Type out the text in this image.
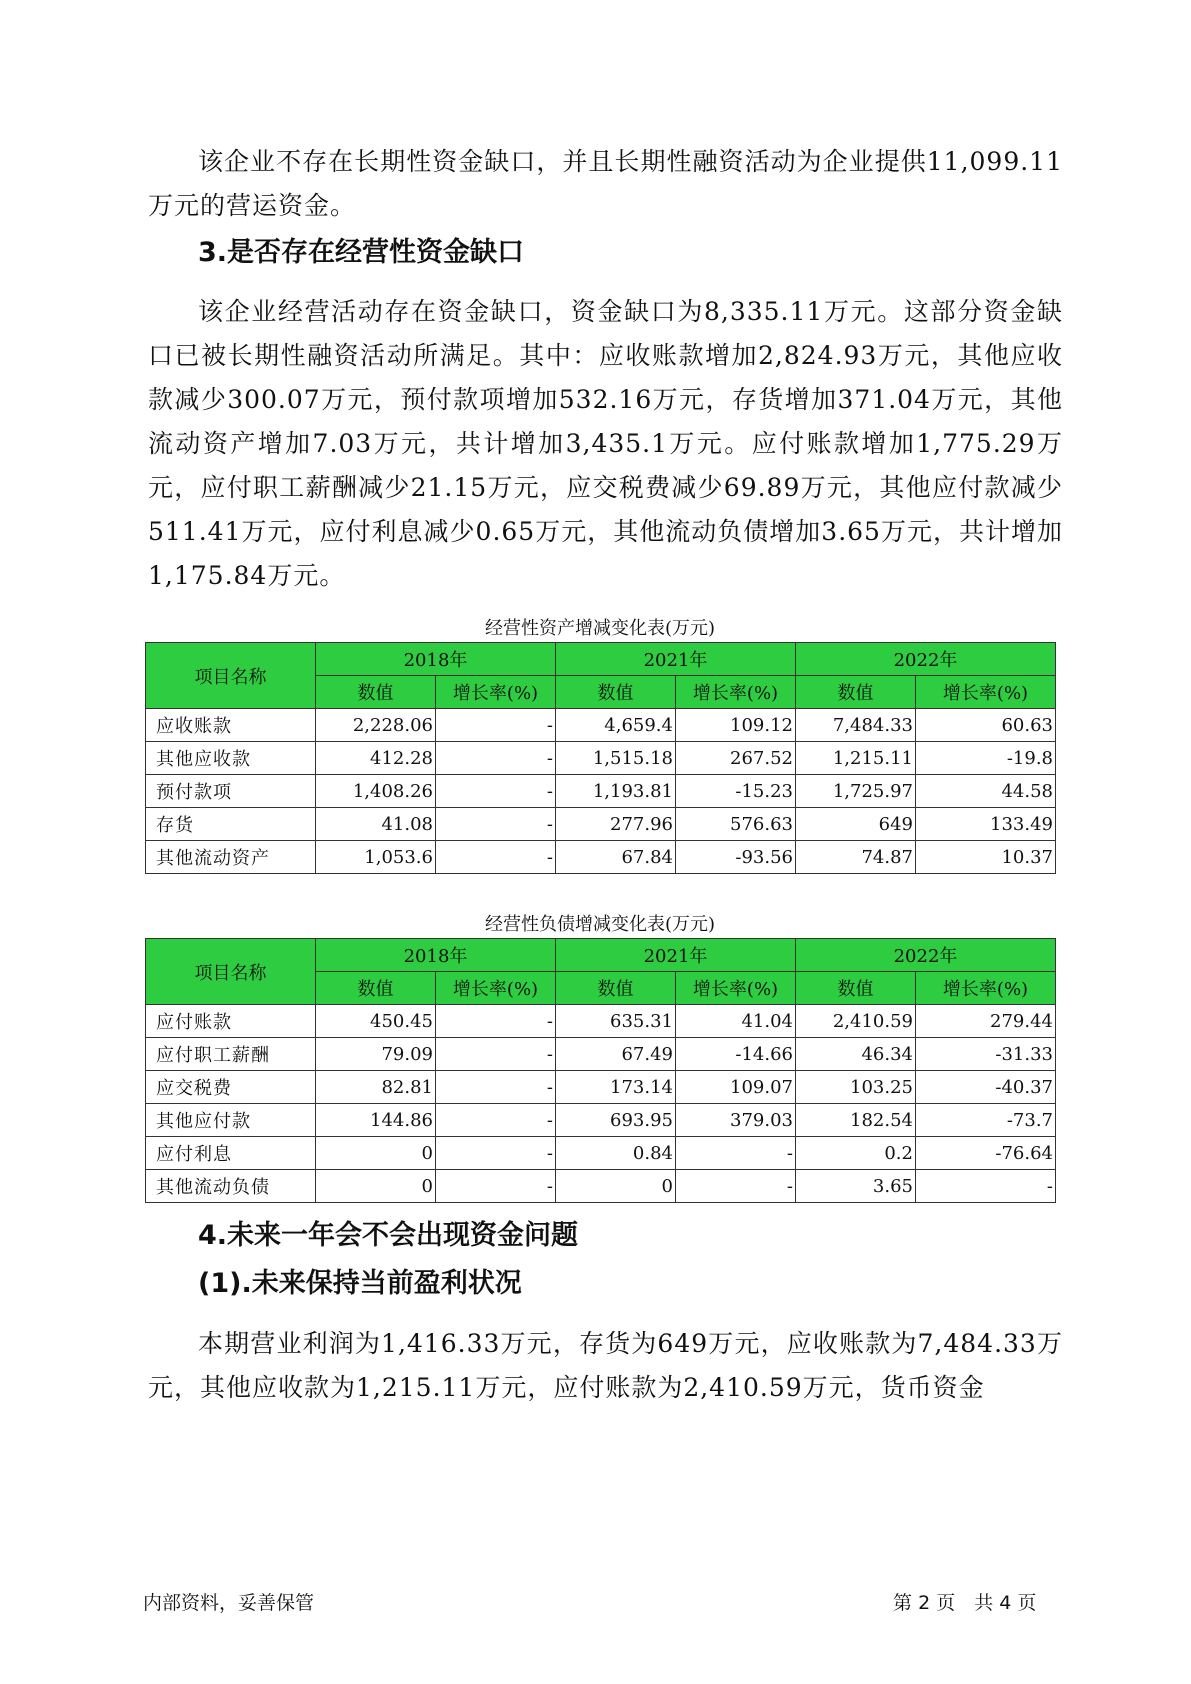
该企业不存在长期性资金缺口，并且长期性融资活动为企业提供11,099.11万元的营运资金。

3.是否存在经营性资金缺口

该企业经营活动存在资金缺口，资金缺口为8,335.11万元。这部分资金缺口已被长期性融资活动所满足。其中：应收账款增加2,824.93万元，其他应收款减少300.07万元，预付款项增加532.16万元，存货增加371.04万元，其他流动资产增加7.03万元，共计增加3,435.1万元。应付账款增加1,775.29万元，应付职工薪酬减少21.15万元，应交税费减少69.89万元，其他应付款减少511.41万元，应付利息减少0.65万元，其他流动负债增加3.65万元，共计增加1,175.84万元。

经营性资产增减变化表(万元)
项目名称	2018年		2021年		2022年	
	数值	增长率(%)	数值	增长率(%)	数值	增长率(%)
应收账款	2,228.06	-	4,659.4	109.12	7,484.33	60.63
其他应收款	412.28	-	1,515.18	267.52	1,215.11	-19.8
预付款项	1,408.26	-	1,193.81	-15.23	1,725.97	44.58
存货	41.08	-	277.96	576.63	649	133.49
其他流动资产	1,053.6	-	67.84	-93.56	74.87	10.37
经营性负债增减变化表(万元)
项目名称	2018年		2021年		2022年	
	数值	增长率(%)	数值	增长率(%)	数值	增长率(%)
应付账款	450.45	-	635.31	41.04	2,410.59	279.44
应付职工薪酬	79.09	-	67.49	-14.66	46.34	-31.33
应交税费	82.81	-	173.14	109.07	103.25	-40.37
其他应付款	144.86	-	693.95	379.03	182.54	-73.7
应付利息	0	-	0.84	-	0.2	-76.64
其他流动负债	0	-	0	-	3.65	-
4.未来一年会不会出现资金问题
(1).未来保持当前盈利状况

本期营业利润为1,416.33万元，存货为649万元，应收账款为7,484.33万元，其他应收款为1,215.11万元，应付账款为2,410.59万元，货币资金

内部资料，妥善保管	第 2 页　共 4 页
